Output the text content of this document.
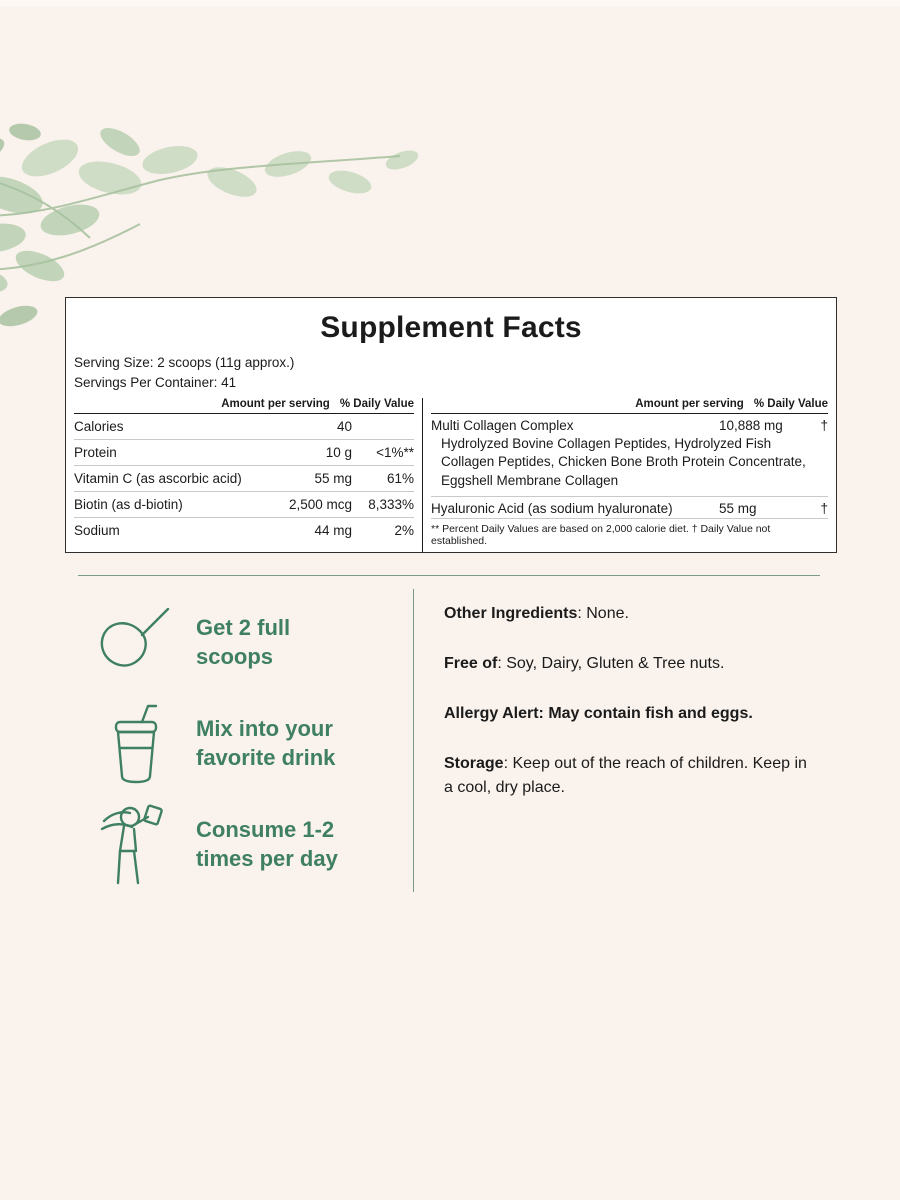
Supplement Facts
Serving Size: 2 scoops (11g approx.)
Servings Per Container: 41
Amount per serving % Daily Value
Calories	40
Protein	10 g	<1%**
Vitamin C (as ascorbic acid)	55 mg	61%
Biotin (as d-biotin)	2,500 mcg	8,333%
Sodium	44 mg	2%
Amount per serving % Daily Value
Multi Collagen Complex	10,888 mg	†
Hydrolyzed Bovine Collagen Peptides, Hydrolyzed Fish Collagen Peptides, Chicken Bone Broth Protein Concentrate, Eggshell Membrane Collagen
Hyaluronic Acid (as sodium hyaluronate)	55 mg	†
** Percent Daily Values are based on 2,000 calorie diet. † Daily Value not established.
Get 2 full
scoops
Mix into your
favorite drink
Consume 1-2
times per day

Other Ingredients: None.

Free of: Soy, Dairy, Gluten & Tree nuts.

Allergy Alert: May contain fish and eggs.

Storage: Keep out of the reach of children. Keep in a cool, dry place.
